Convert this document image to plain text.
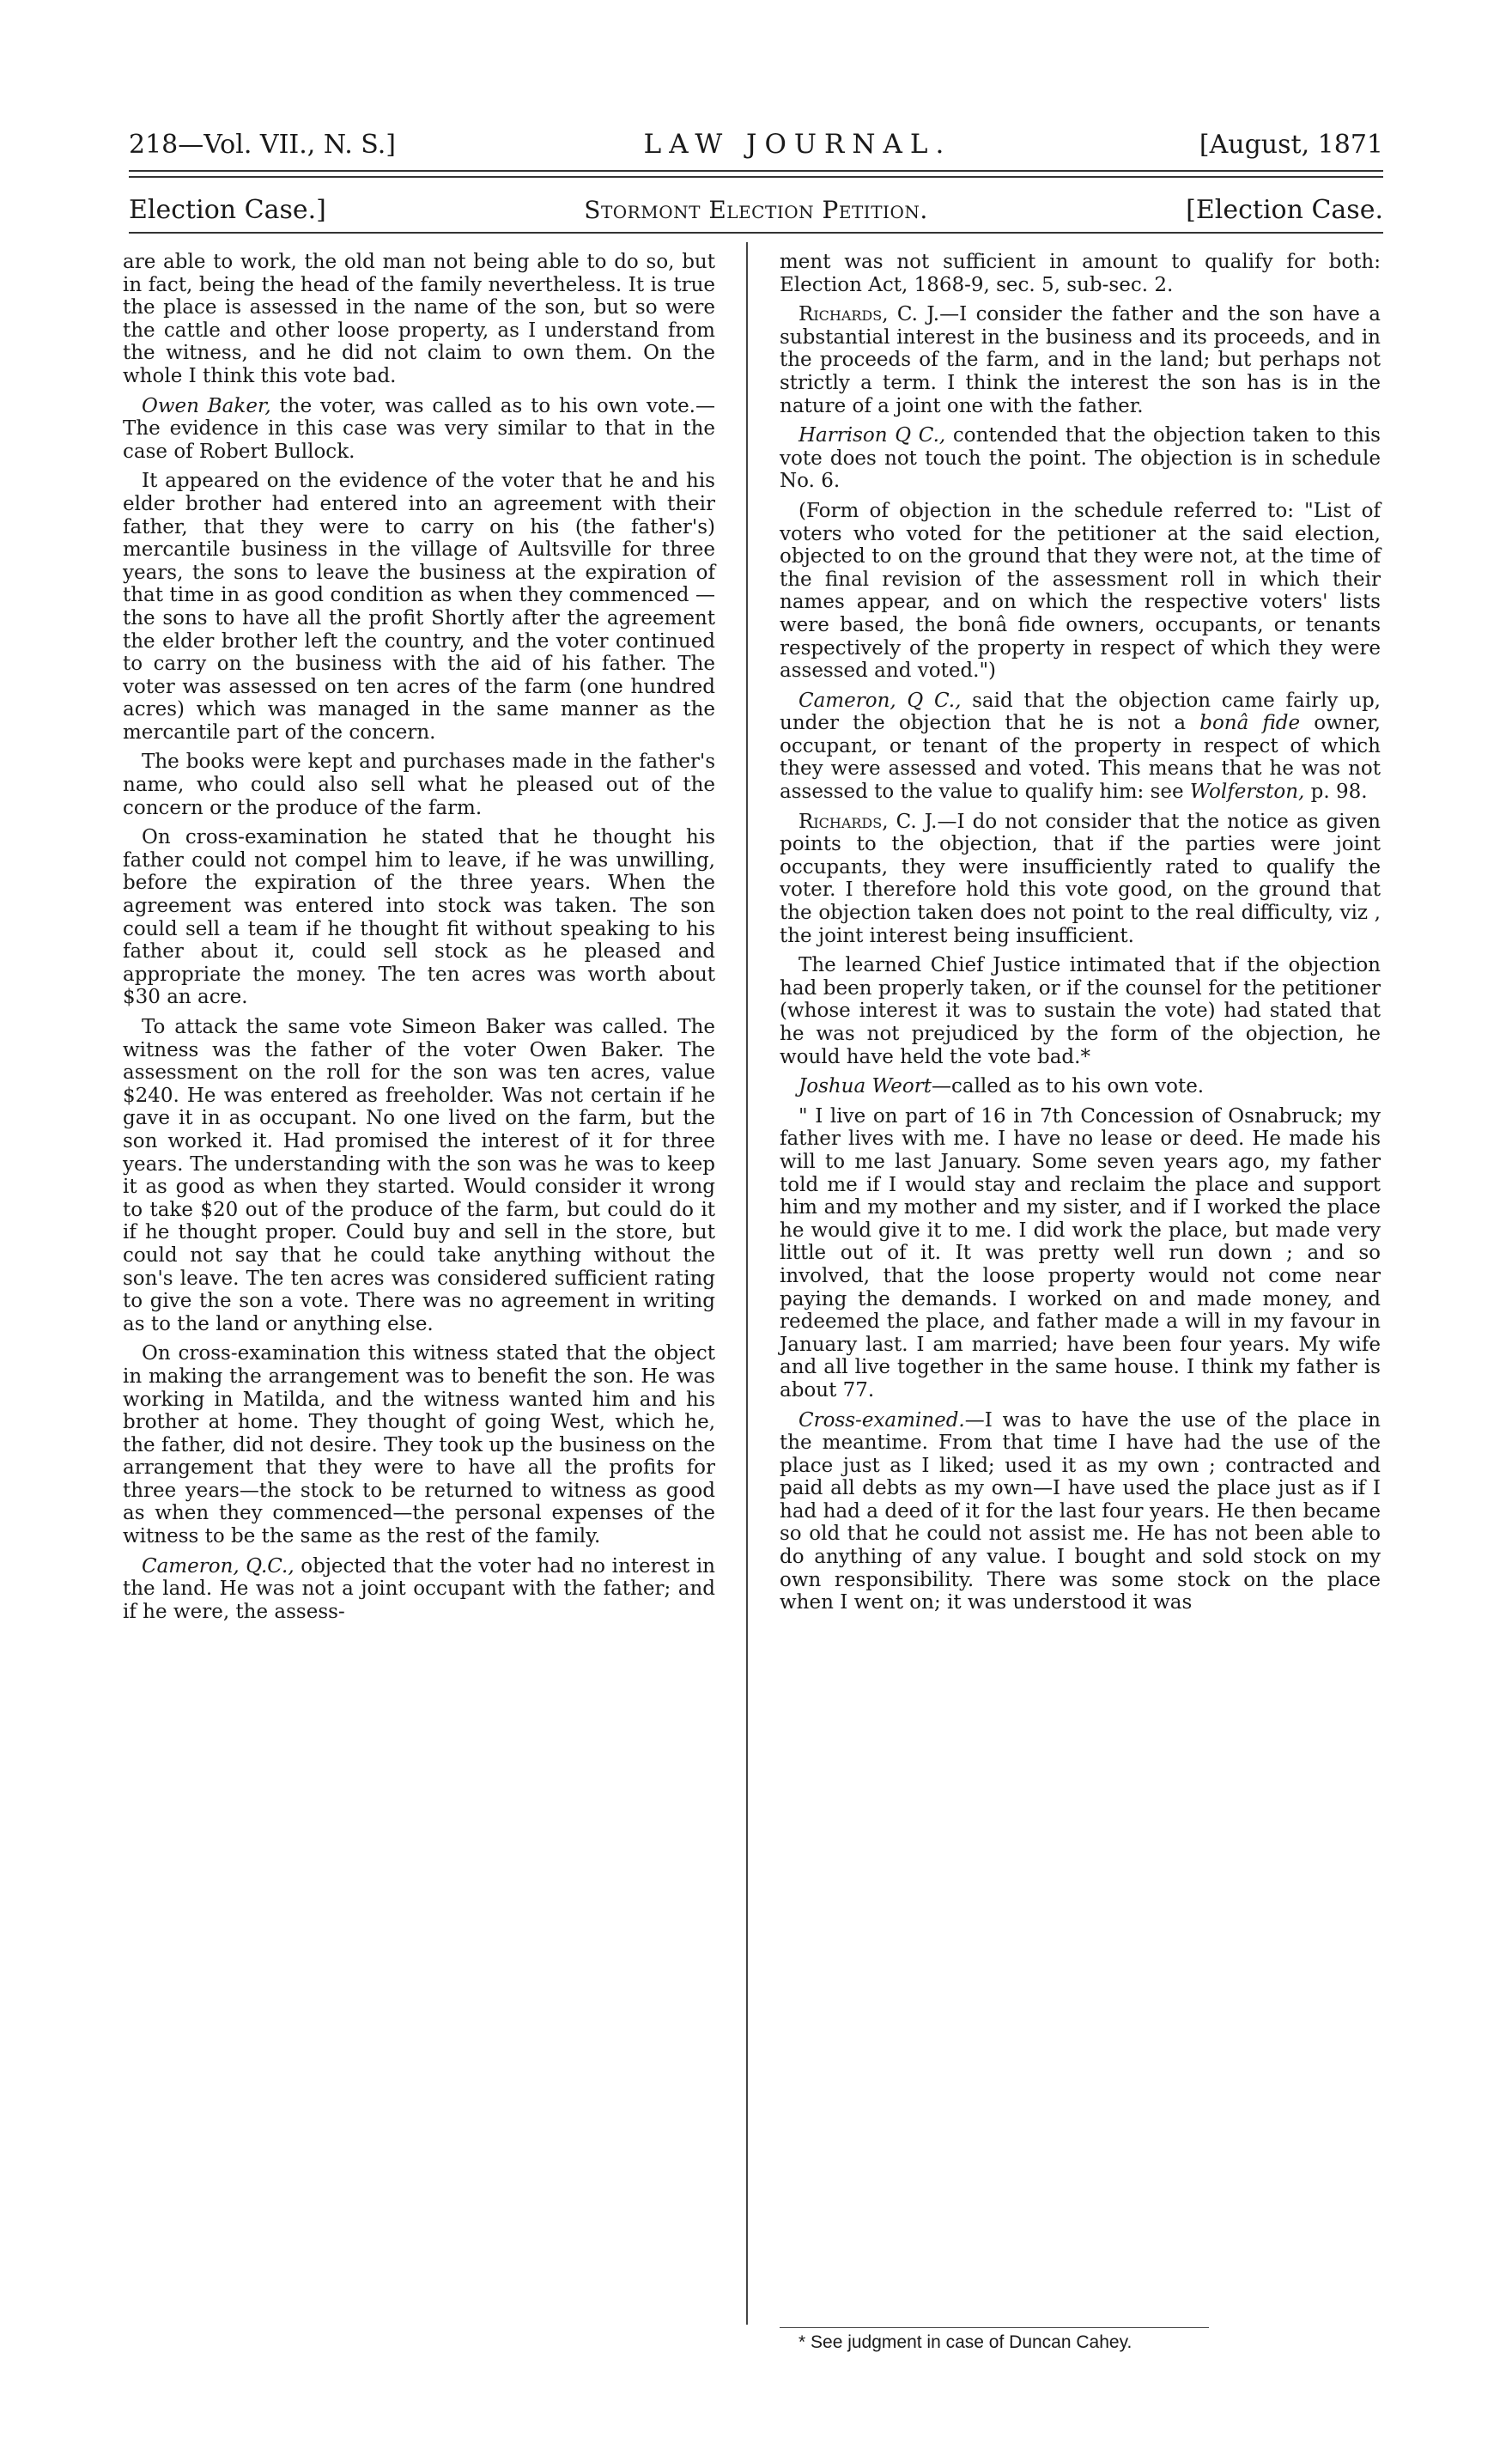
218—Vol. VII., N. S.]	LAW JOURNAL.	[August, 1871
Election Case.]	Stormont Election Petition.	[Election Case.

are able to work, the old man not being able to do so, but in fact, being the head of the family nevertheless. It is true the place is assessed in the name of the son, but so were the cattle and other loose property, as I understand from the witness, and he did not claim to own them. On the whole I think this vote bad.

Owen Baker, the voter, was called as to his own vote.—The evidence in this case was very similar to that in the case of Robert Bullock.

It appeared on the evidence of the voter that he and his elder brother had entered into an agreement with their father, that they were to carry on his (the father's) mercantile business in the village of Aultsville for three years, the sons to leave the business at the expiration of that time in as good condition as when they commenced — the sons to have all the profit Shortly after the agreement the elder brother left the country, and the voter continued to carry on the business with the aid of his father. The voter was assessed on ten acres of the farm (one hundred acres) which was managed in the same manner as the mercantile part of the concern.

The books were kept and purchases made in the father's name, who could also sell what he pleased out of the concern or the produce of the farm.

On cross-examination he stated that he thought his father could not compel him to leave, if he was unwilling, before the expiration of the three years. When the agreement was entered into stock was taken. The son could sell a team if he thought fit without speaking to his father about it, could sell stock as he pleased and appropriate the money. The ten acres was worth about $30 an acre.

To attack the same vote Simeon Baker was called. The witness was the father of the voter Owen Baker. The assessment on the roll for the son was ten acres, value $240. He was entered as freeholder. Was not certain if he gave it in as occupant. No one lived on the farm, but the son worked it. Had promised the interest of it for three years. The understanding with the son was he was to keep it as good as when they started. Would consider it wrong to take $20 out of the produce of the farm, but could do it if he thought proper. Could buy and sell in the store, but could not say that he could take anything without the son's leave. The ten acres was considered sufficient rating to give the son a vote. There was no agreement in writing as to the land or anything else.

On cross-examination this witness stated that the object in making the arrangement was to benefit the son. He was working in Matilda, and the witness wanted him and his brother at home. They thought of going West, which he, the father, did not desire. They took up the business on the arrangement that they were to have all the profits for three years—the stock to be returned to witness as good as when they commenced—the personal expenses of the witness to be the same as the rest of the family.

Cameron, Q.C., objected that the voter had no interest in the land. He was not a joint occupant with the father; and if he were, the assess-

ment was not sufficient in amount to qualify for both: Election Act, 1868-9, sec. 5, sub-sec. 2.

Richards, C. J.—I consider the father and the son have a substantial interest in the business and its proceeds, and in the proceeds of the farm, and in the land; but perhaps not strictly a term. I think the interest the son has is in the nature of a joint one with the father.

Harrison Q C., contended that the objection taken to this vote does not touch the point. The objection is in schedule No. 6.

(Form of objection in the schedule referred to: "List of voters who voted for the petitioner at the said election, objected to on the ground that they were not, at the time of the final revision of the assessment roll in which their names appear, and on which the respective voters' lists were based, the bonâ fide owners, occupants, or tenants respectively of the property in respect of which they were assessed and voted.")

Cameron, Q C., said that the objection came fairly up, under the objection that he is not a bonâ fide owner, occupant, or tenant of the property in respect of which they were assessed and voted. This means that he was not assessed to the value to qualify him: see Wolferston, p. 98.

Richards, C. J.—I do not consider that the notice as given points to the objection, that if the parties were joint occupants, they were insufficiently rated to qualify the voter. I therefore hold this vote good, on the ground that the objection taken does not point to the real difficulty, viz , the joint interest being insufficient.

The learned Chief Justice intimated that if the objection had been properly taken, or if the counsel for the petitioner (whose interest it was to sustain the vote) had stated that he was not prejudiced by the form of the objection, he would have held the vote bad.*

Joshua Weort—called as to his own vote.

" I live on part of 16 in 7th Concession of Osnabruck; my father lives with me. I have no lease or deed. He made his will to me last January. Some seven years ago, my father told me if I would stay and reclaim the place and support him and my mother and my sister, and if I worked the place he would give it to me. I did work the place, but made very little out of it. It was pretty well run down ; and so involved, that the loose property would not come near paying the demands. I worked on and made money, and redeemed the place, and father made a will in my favour in January last. I am married; have been four years. My wife and all live together in the same house. I think my father is about 77.

Cross-examined.—I was to have the use of the place in the meantime. From that time I have had the use of the place just as I liked; used it as my own ; contracted and paid all debts as my own—I have used the place just as if I had had a deed of it for the last four years. He then became so old that he could not assist me. He has not been able to do anything of any value. I bought and sold stock on my own responsibility. There was some stock on the place when I went on; it was understood it was

* See judgment in case of Duncan Cahey.
